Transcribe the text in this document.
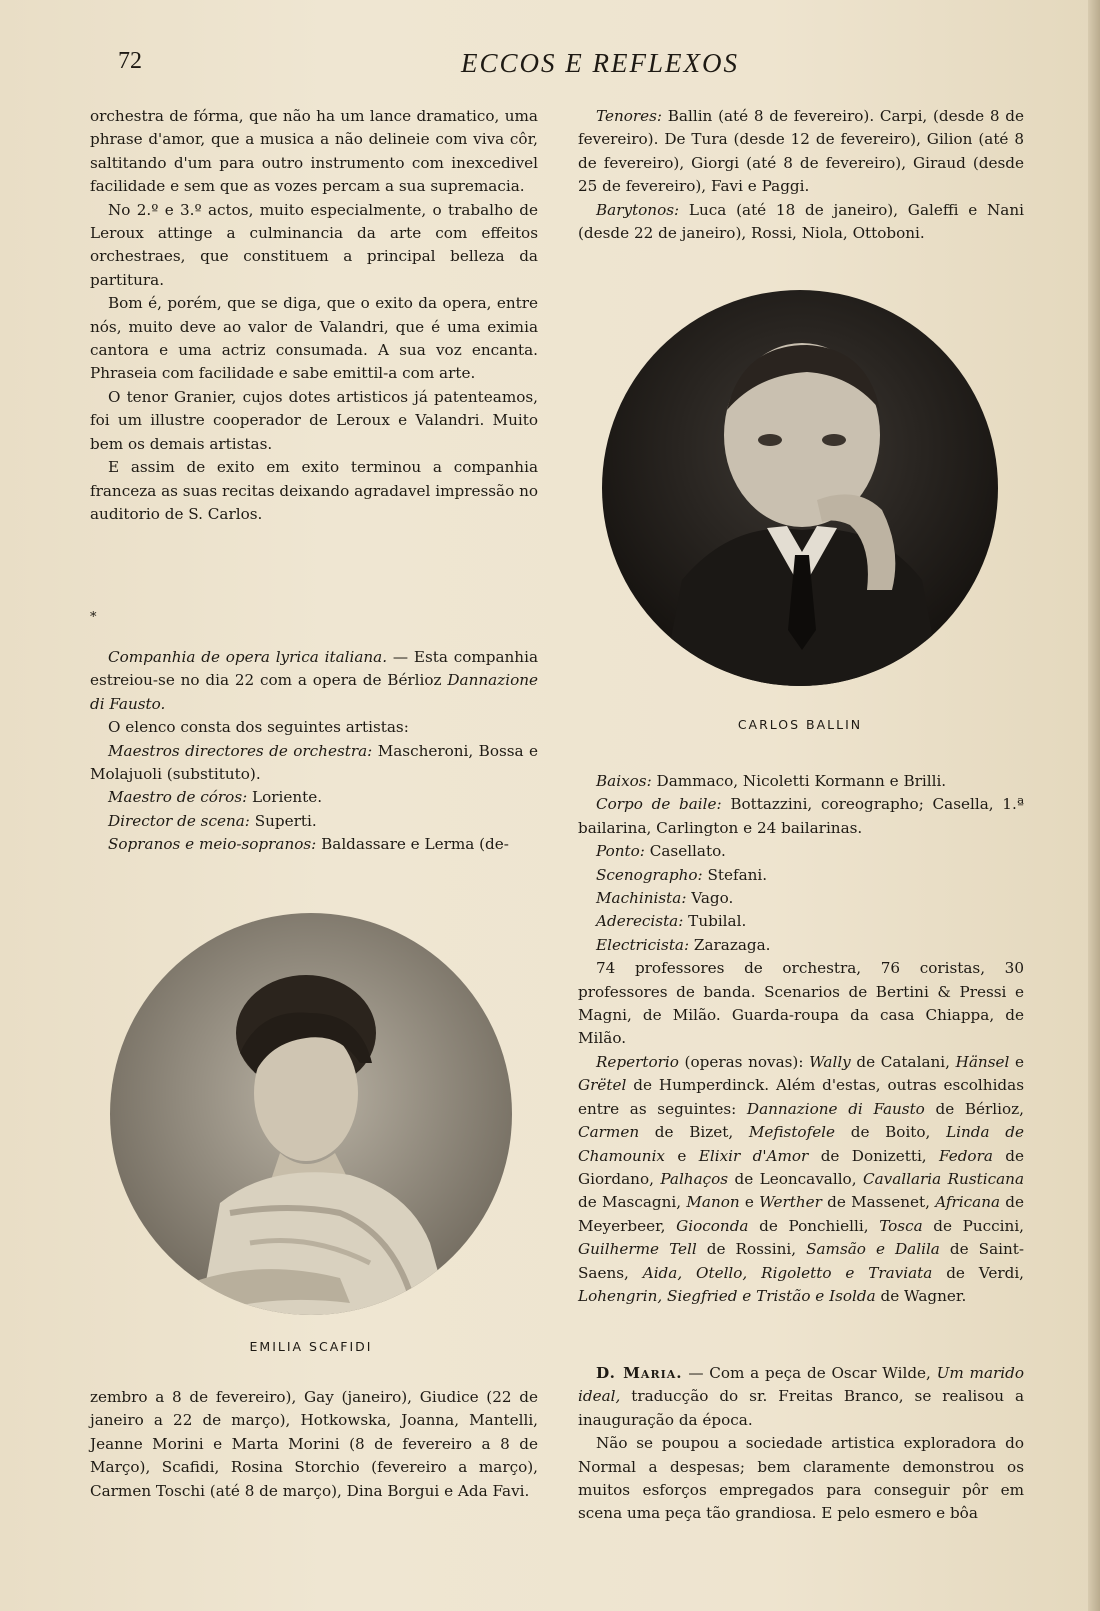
72	ECCOS E REFLEXOS

orchestra de fórma, que não ha um lance dramatico, uma phrase d'amor, que a musica a não delineie com viva côr, saltitando d'um para outro instrumento com inexcedivel facilidade e sem que as vozes percam a sua supremacia.

No 2.º e 3.º actos, muito especialmente, o trabalho de Leroux attinge a culminancia da arte com effeitos orchestraes, que constituem a principal belleza da partitura.

Bom é, porém, que se diga, que o exito da opera, entre nós, muito deve ao valor de Valandri, que é uma eximia cantora e uma actriz consumada. A sua voz encanta. Phraseia com facilidade e sabe emittil-a com arte.

O tenor Granier, cujos dotes artisticos já patenteamos, foi um illustre cooperador de Leroux e Valandri. Muito bem os demais artistas.

E assim de exito em exito terminou a companhia franceza as suas recitas deixando agradavel impressão no auditorio de S. Carlos.

*

Companhia de opera lyrica italiana. — Esta companhia estreiou-se no dia 22 com a opera de Bérlioz Dannazione di Fausto.

O elenco consta dos seguintes artistas:

Maestros directores de orchestra: Mascheroni, Bossa e Molajuoli (substituto).

Maestro de córos: Loriente.

Director de scena: Superti.

Sopranos e meio-sopranos: Baldassare e Lerma (de-

EMILIA SCAFIDI

zembro a 8 de fevereiro), Gay (janeiro), Giudice (22 de janeiro a 22 de março), Hotkowska, Joanna, Mantelli, Jeanne Morini e Marta Morini (8 de fevereiro a 8 de Março), Scafidi, Rosina Storchio (fevereiro a março), Carmen Toschi (até 8 de março), Dina Borgui e Ada Favi.

Tenores: Ballin (até 8 de fevereiro). Carpi, (desde 8 de fevereiro). De Tura (desde 12 de fevereiro), Gilion (até 8 de fevereiro), Giorgi (até 8 de fevereiro), Giraud (desde 25 de fevereiro), Favi e Paggi.

Barytonos: Luca (até 18 de janeiro), Galeffi e Nani (desde 22 de janeiro), Rossi, Niola, Ottoboni.

CARLOS BALLIN

Baixos: Dammaco, Nicoletti Kormann e Brilli.

Corpo de baile: Bottazzini, coreographo; Casella, 1.ª bailarina, Carlington e 24 bailarinas.

Ponto: Casellato.

Scenographo: Stefani.

Machinista: Vago.

Aderecista: Tubilal.

Electricista: Zarazaga.

74 professores de orchestra, 76 coristas, 30 professores de banda. Scenarios de Bertini & Pressi e Magni, de Milão. Guarda-roupa da casa Chiappa, de Milão.

Repertorio (operas novas): Wally de Catalani, Hänsel e Grëtel de Humperdinck. Além d'estas, outras escolhidas entre as seguintes: Dannazione di Fausto de Bérlioz, Carmen de Bizet, Mefistofele de Boito, Linda de Chamounix e Elixir d'Amor de Donizetti, Fedora de Giordano, Palhaços de Leoncavallo, Cavallaria Rusticana de Mascagni, Manon e Werther de Massenet, Africana de Meyerbeer, Gioconda de Ponchielli, Tosca de Puccini, Guilherme Tell de Rossini, Samsão e Dalila de Saint-Saens, Aida, Otello, Rigoletto e Traviata de Verdi, Lohengrin, Siegfried e Tristão e Isolda de Wagner.

D. Maria. — Com a peça de Oscar Wilde, Um marido ideal, traducção do sr. Freitas Branco, se realisou a inauguração da época.

Não se poupou a sociedade artistica exploradora do Normal a despesas; bem claramente demonstrou os muitos esforços empregados para conseguir pôr em scena uma peça tão grandiosa. E pelo esmero e bôa
